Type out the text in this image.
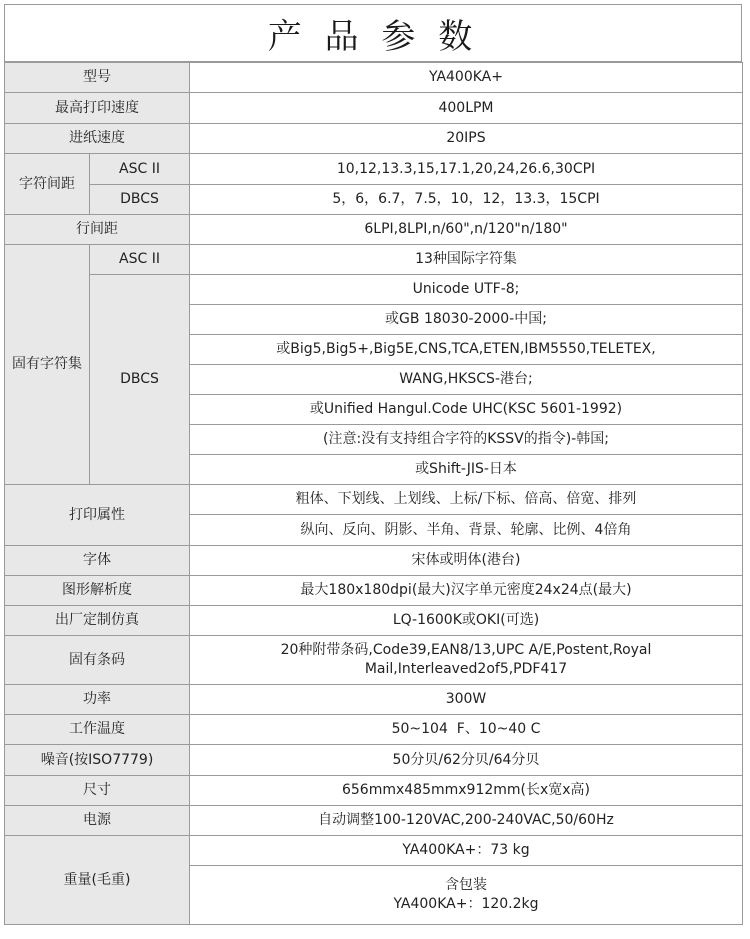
产 品 参 数
型号		YA400KA+
最高打印速度		400LPM
进纸速度		20IPS
字符间距	ASC II	10,12,13.3,15,17.1,20,24,26.6,30CPI
	DBCS	5，6，6.7，7.5，10，12，13.3，15CPI
行间距		6LPI,8LPI,n/60",n/120"n/180"
固有字符集	ASC II	13种国际字符集
	DBCS	Unicode UTF-8;
		或GB 18030-2000-中国;
		或Big5,Big5+,Big5E,CNS,TCA,ETEN,IBM5550,TELETEX,
		WANG,HKSCS-港台;
		或Unified Hangul.Code UHC(KSC 5601-1992)
		(注意:没有支持组合字符的KSSV的指令)-韩国;
		或Shift-JIS-日本
打印属性		粗体、下划线、上划线、上标/下标、倍高、倍宽、排列
		纵向、反向、阴影、半角、背景、轮廓、比例、4倍角
字体		宋体或明体(港台)
图形解析度		最大180x180dpi(最大)汉字单元密度24x24点(最大)
出厂定制仿真		LQ-1600K或OKI(可选)
固有条码		20种附带条码,Code39,EAN8/13,UPC A/E,Postent,Royal
Mail,Interleaved2of5,PDF417

功率		300W
工作温度		50~104  F、10~40 C
噪音(按ISO7779)		50分贝/62分贝/64分贝
尺寸		656mmx485mmx912mm(长x宽x高)
电源		自动调整100-120VAC,200-240VAC,50/60Hz
重量(毛重)		YA400KA+：73 kg

		含包装
YA400KA+：120.2kg
